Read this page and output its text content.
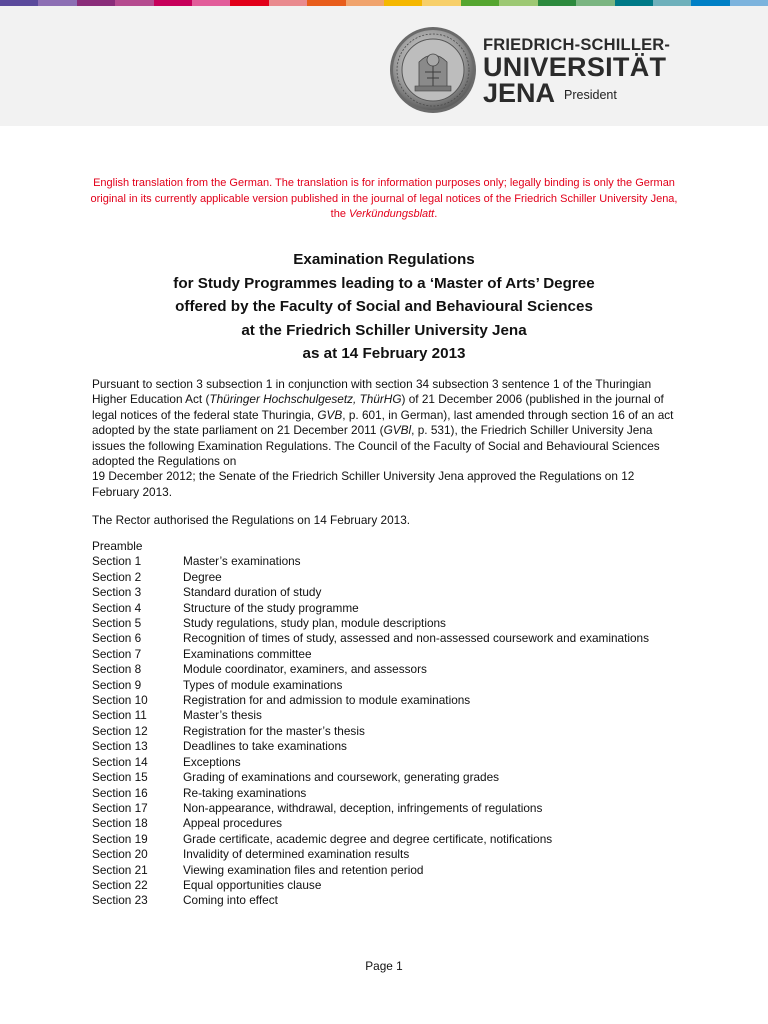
FRIEDRICH-SCHILLER-
UNIVERSITÄT
JENA President
English translation from the German. The translation is for information purposes only; legally binding is only the German original in its currently applicable version published in the journal of legal notices of the Friedrich Schiller University Jena, the Verkündungsblatt.
Examination Regulations
for Study Programmes leading to a ‘Master of Arts’ Degree
offered by the Faculty of Social and Behavioural Sciences
at the Friedrich Schiller University Jena
as at 14 February 2013
Pursuant to section 3 subsection 1 in conjunction with section 34 subsection 3 sentence 1 of the Thuringian Higher Education Act (Thüringer Hochschulgesetz, ThürHG) of 21 December 2006 (published in the journal of legal notices of the federal state Thuringia, GVB, p. 601, in German), last amended through section 16 of an act adopted by the state parliament on 21 December 2011 (GVBl, p. 531), the Friedrich Schiller University Jena issues the following Examination Regulations. The Council of the Faculty of Social and Behavioural Sciences adopted the Regulations on
19 December 2012; the Senate of the Friedrich Schiller University Jena approved the Regulations on 12 February 2013.
The Rector authorised the Regulations on 14 February 2013.
Preamble
Section 1	Master’s examinations
Section 2	Degree
Section 3	Standard duration of study
Section 4	Structure of the study programme
Section 5	Study regulations, study plan, module descriptions
Section 6	Recognition of times of study, assessed and non-assessed coursework and examinations
Section 7	Examinations committee
Section 8	Module coordinator, examiners, and assessors
Section 9	Types of module examinations
Section 10	Registration for and admission to module examinations
Section 11	Master’s thesis
Section 12	Registration for the master’s thesis
Section 13	Deadlines to take examinations
Section 14	Exceptions
Section 15	Grading of examinations and coursework, generating grades
Section 16	Re-taking examinations
Section 17	Non-appearance, withdrawal, deception, infringements of regulations
Section 18	Appeal procedures
Section 19	Grade certificate, academic degree and degree certificate, notifications
Section 20	Invalidity of determined examination results
Section 21	Viewing examination files and retention period
Section 22	Equal opportunities clause
Section 23	Coming into effect
Page 1
